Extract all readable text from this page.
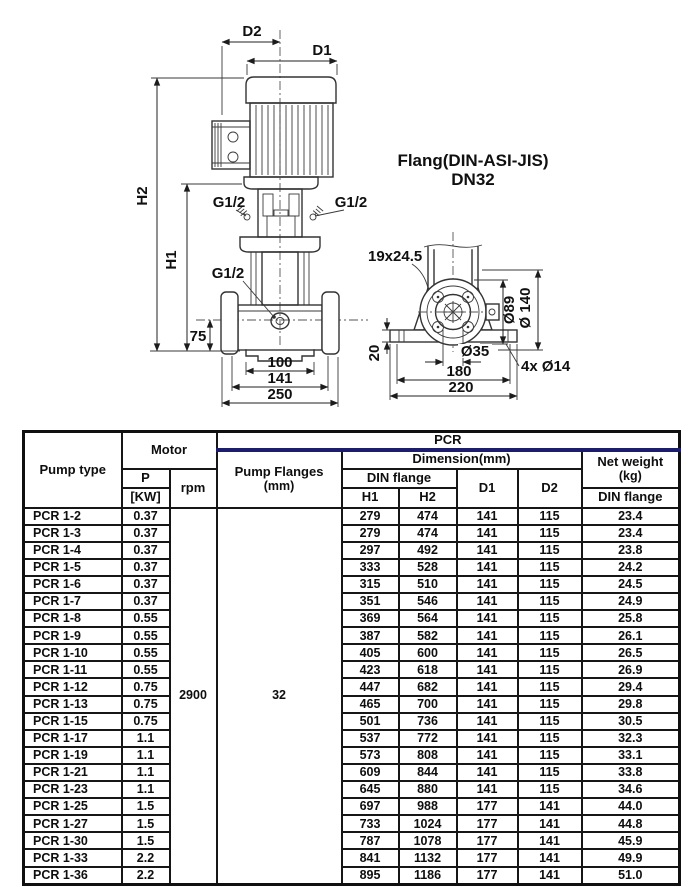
D2
D1
H2
H1
75
100
141
250
G1/2	G1/2
G1/2
Flang(DIN-ASI-JIS)
DN32
19x24.5
Ø89 Ø 140
20	Ø35
180
220
4x Ø14
Pump type	Motor		PCR					

Pump Flanges
(mm)
	Dimension(mm)	Net weight
(kg)

	P	rpm		DIN flange		D1	D2	
	[KW]			H1	H2			DIN flange
PCR 1-2	0.37	2900	32	279	474	141	115	23.4
PCR 1-3	0.37			279	474	141	115	23.4
PCR 1-4	0.37			297	492	141	115	23.8
PCR 1-5	0.37			333	528	141	115	24.2
PCR 1-6	0.37			315	510	141	115	24.5
PCR 1-7	0.37			351	546	141	115	24.9
PCR 1-8	0.55			369	564	141	115	25.8
PCR 1-9	0.55			387	582	141	115	26.1
PCR 1-10	0.55			405	600	141	115	26.5
PCR 1-11	0.55			423	618	141	115	26.9
PCR 1-12	0.75			447	682	141	115	29.4
PCR 1-13	0.75			465	700	141	115	29.8
PCR 1-15	0.75			501	736	141	115	30.5
PCR 1-17	1.1			537	772	141	115	32.3
PCR 1-19	1.1			573	808	141	115	33.1
PCR 1-21	1.1			609	844	141	115	33.8
PCR 1-23	1.1			645	880	141	115	34.6
PCR 1-25	1.5			697	988	177	141	44.0
PCR 1-27	1.5			733	1024	177	141	44.8
PCR 1-30	1.5			787	1078	177	141	45.9
PCR 1-33	2.2			841	1132	177	141	49.9
PCR 1-36	2.2			895	1186	177	141	51.0
